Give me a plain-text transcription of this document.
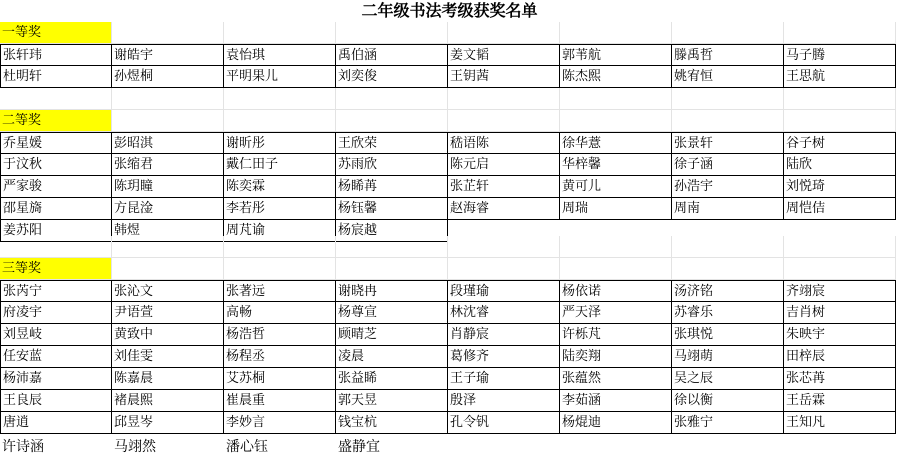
二年级书法考级获奖名单
一等奖
张轩玮	谢皓宇	袁怡琪	禹伯涵	姜文韬	郭苇航	滕禹哲	马子腾
杜明轩	孙煜桐	平明果儿	刘奕俊	王钥茜	陈杰熙	姚宥恒	王思航
二等奖
乔星媛	彭昭淇	谢昕彤	王欣荣	嵇语陈	徐华薏	张景轩	谷子树
于汶秋	张缩君	戴仁田子	苏雨欣	陈元启	华梓馨	徐子涵	陆欣
严家骏	陈玥瞳	陈奕霖	杨睎苒	张芷轩	黄可儿	孙浩宇	刘悦琦
邵星旖	方昆淦	李若彤	杨钰馨	赵海睿	周瑞	周南	周恺佶
姜苏阳	韩煜	周芃谕	杨宸越
三等奖
张芮宁	张沁文	张著远	谢晓冉	段瑾瑜	杨依诺	汤济铭	齐翊宸
府凌宇	尹语萱	高畅	杨尊宣	林沈睿	严天泽	苏睿乐	吉肖树
刘昱岐	黄致中	杨浩哲	顾晴芝	肖静宸	许栎芃	张琪悦	朱映宇
任安蓝	刘佳雯	杨程丞	凌晨	葛修齐	陆奕翔	马翊萌	田梓辰
杨沛嘉	陈嘉晨	艾苏桐	张益睎	王子瑜	张蕴然	吴之辰	张芯苒
王良辰	褚晨熙	崔晨重	郭天昱	殷泽	李茹涵	徐以衡	王岳霖
唐逍	邱昱岑	李妙言	钱宝杭	孔令钒	杨焜迪	张雅宁	王知凡
许诗涵	马翊然	潘心钰	盛静宜
